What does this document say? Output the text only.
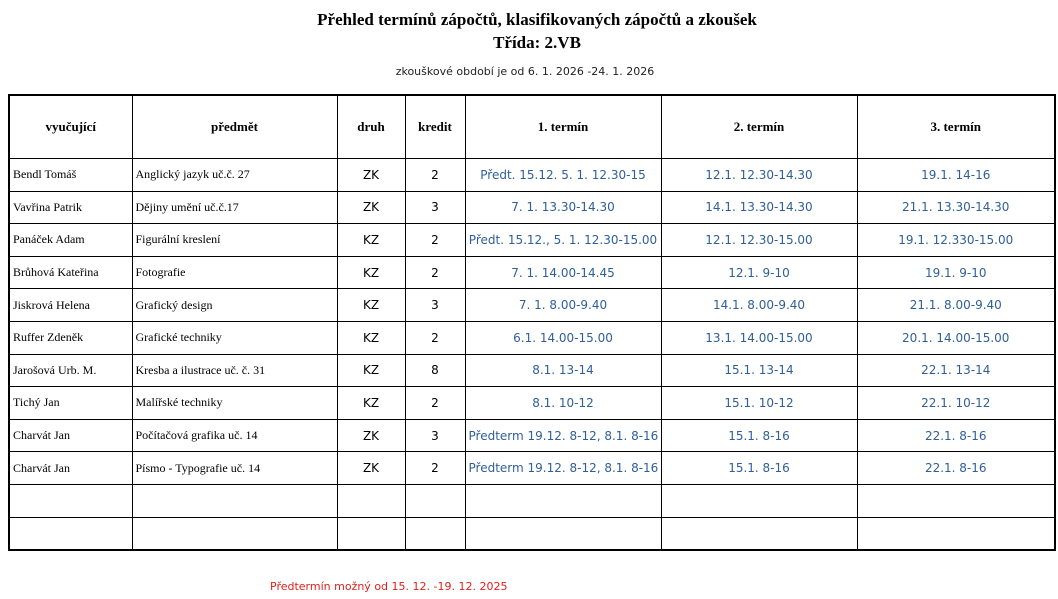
Přehled termínů zápočtů, klasifikovaných zápočtů a zkoušek
Třída: 2.VB
zkouškové období je od 6. 1. 2026 -24. 1. 2026
vyučující	předmět	druh	kredit	1. termín	2. termín	3. termín
Bendl Tomáš	Anglický jazyk uč.č. 27	ZK	2	Předt. 15.12. 5. 1. 12.30-15	12.1. 12.30-14.30	19.1. 14-16
Vavřina Patrik	Dějiny umění uč.č.17	ZK	3	7. 1. 13.30-14.30	14.1. 13.30-14.30	21.1. 13.30-14.30
Panáček Adam	Figurální kreslení	KZ	2	Předt. 15.12., 5. 1. 12.30-15.00	12.1. 12.30-15.00	19.1. 12.330-15.00
Brůhová Kateřina	Fotografie	KZ	2	7. 1. 14.00-14.45	12.1. 9-10	19.1. 9-10
Jiskrová Helena	Grafický design	KZ	3	7. 1. 8.00-9.40	14.1. 8.00-9.40	21.1. 8.00-9.40
Ruffer Zdeněk	Grafické techniky	KZ	2	6.1. 14.00-15.00	13.1. 14.00-15.00	20.1. 14.00-15.00
Jarošová Urb. M.	Kresba a ilustrace uč. č. 31	KZ	8	8.1. 13-14	15.1. 13-14	22.1. 13-14
Tichý Jan	Malířské techniky	KZ	2	8.1. 10-12	15.1. 10-12	22.1. 10-12
Charvát Jan	Počítačová grafika uč. 14	ZK	3	Předterm 19.12. 8-12, 8.1. 8-16	15.1. 8-16	22.1. 8-16
Charvát Jan	Písmo - Typografie uč. 14	ZK	2	Předterm 19.12. 8-12, 8.1. 8-16	15.1. 8-16	22.1. 8-16

Předtermín možný od 15. 12. -19. 12. 2025
